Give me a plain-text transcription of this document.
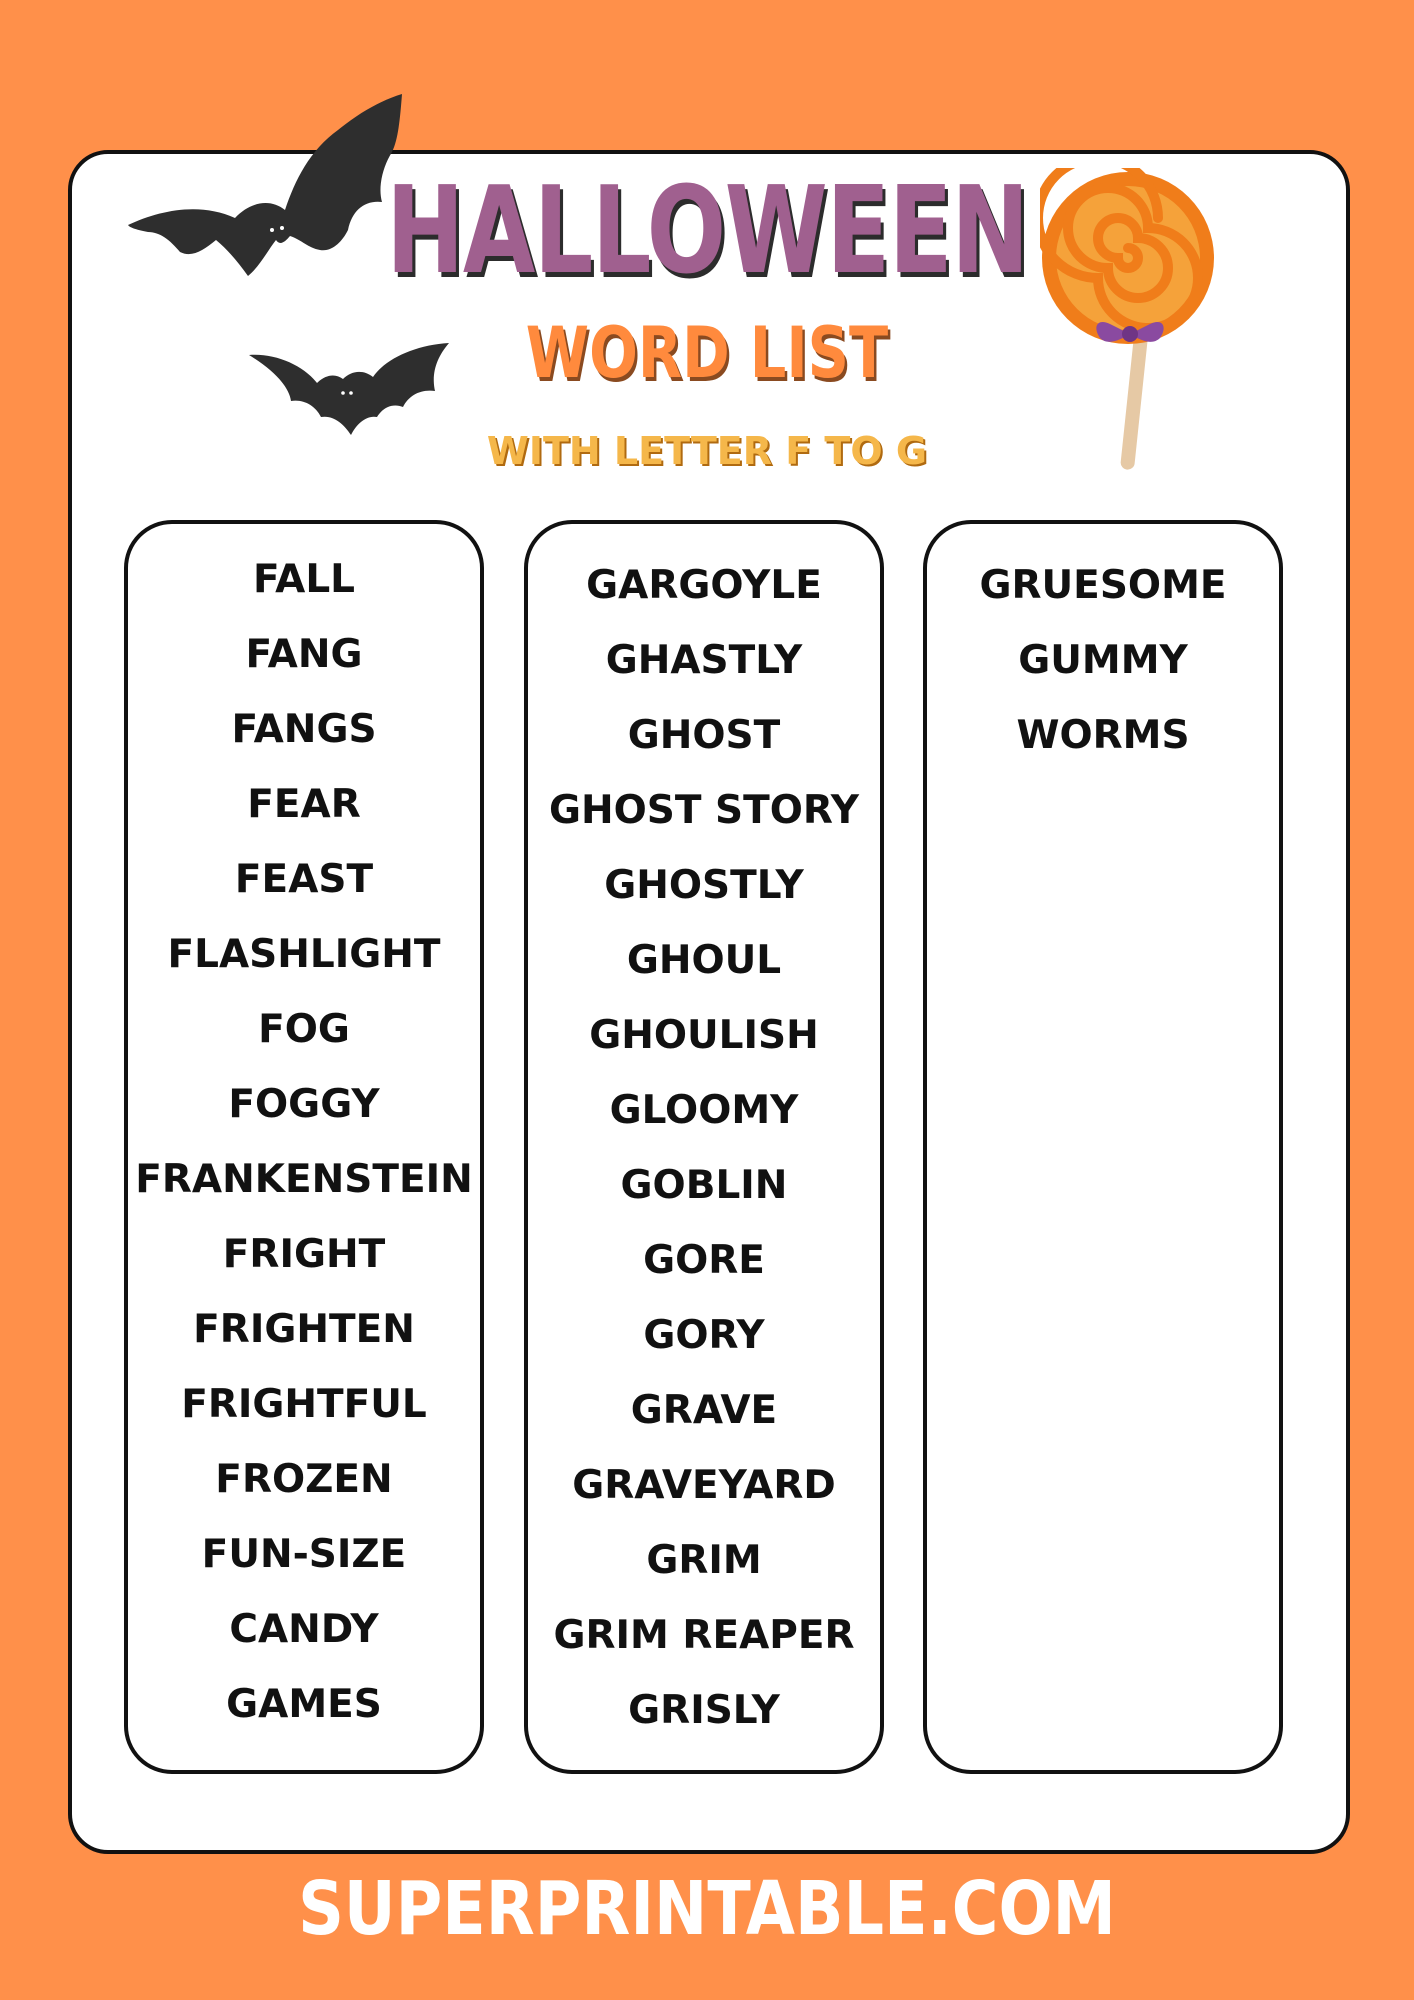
HALLOWEEN
WORD LIST
WITH LETTER F TO G
FALL
FANG
FANGS
FEAR
FEAST
FLASHLIGHT
FOG
FOGGY
FRANKENSTEIN
FRIGHT
FRIGHTEN
FRIGHTFUL
FROZEN
FUN-SIZE
CANDY
GAMES
GARGOYLE
GHASTLY
GHOST
GHOST STORY
GHOSTLY
GHOUL
GHOULISH
GLOOMY
GOBLIN
GORE
GORY
GRAVE
GRAVEYARD
GRIM
GRIM REAPER
GRISLY
GRUESOME
GUMMY
WORMS
SUPERPRINTABLE.COM
